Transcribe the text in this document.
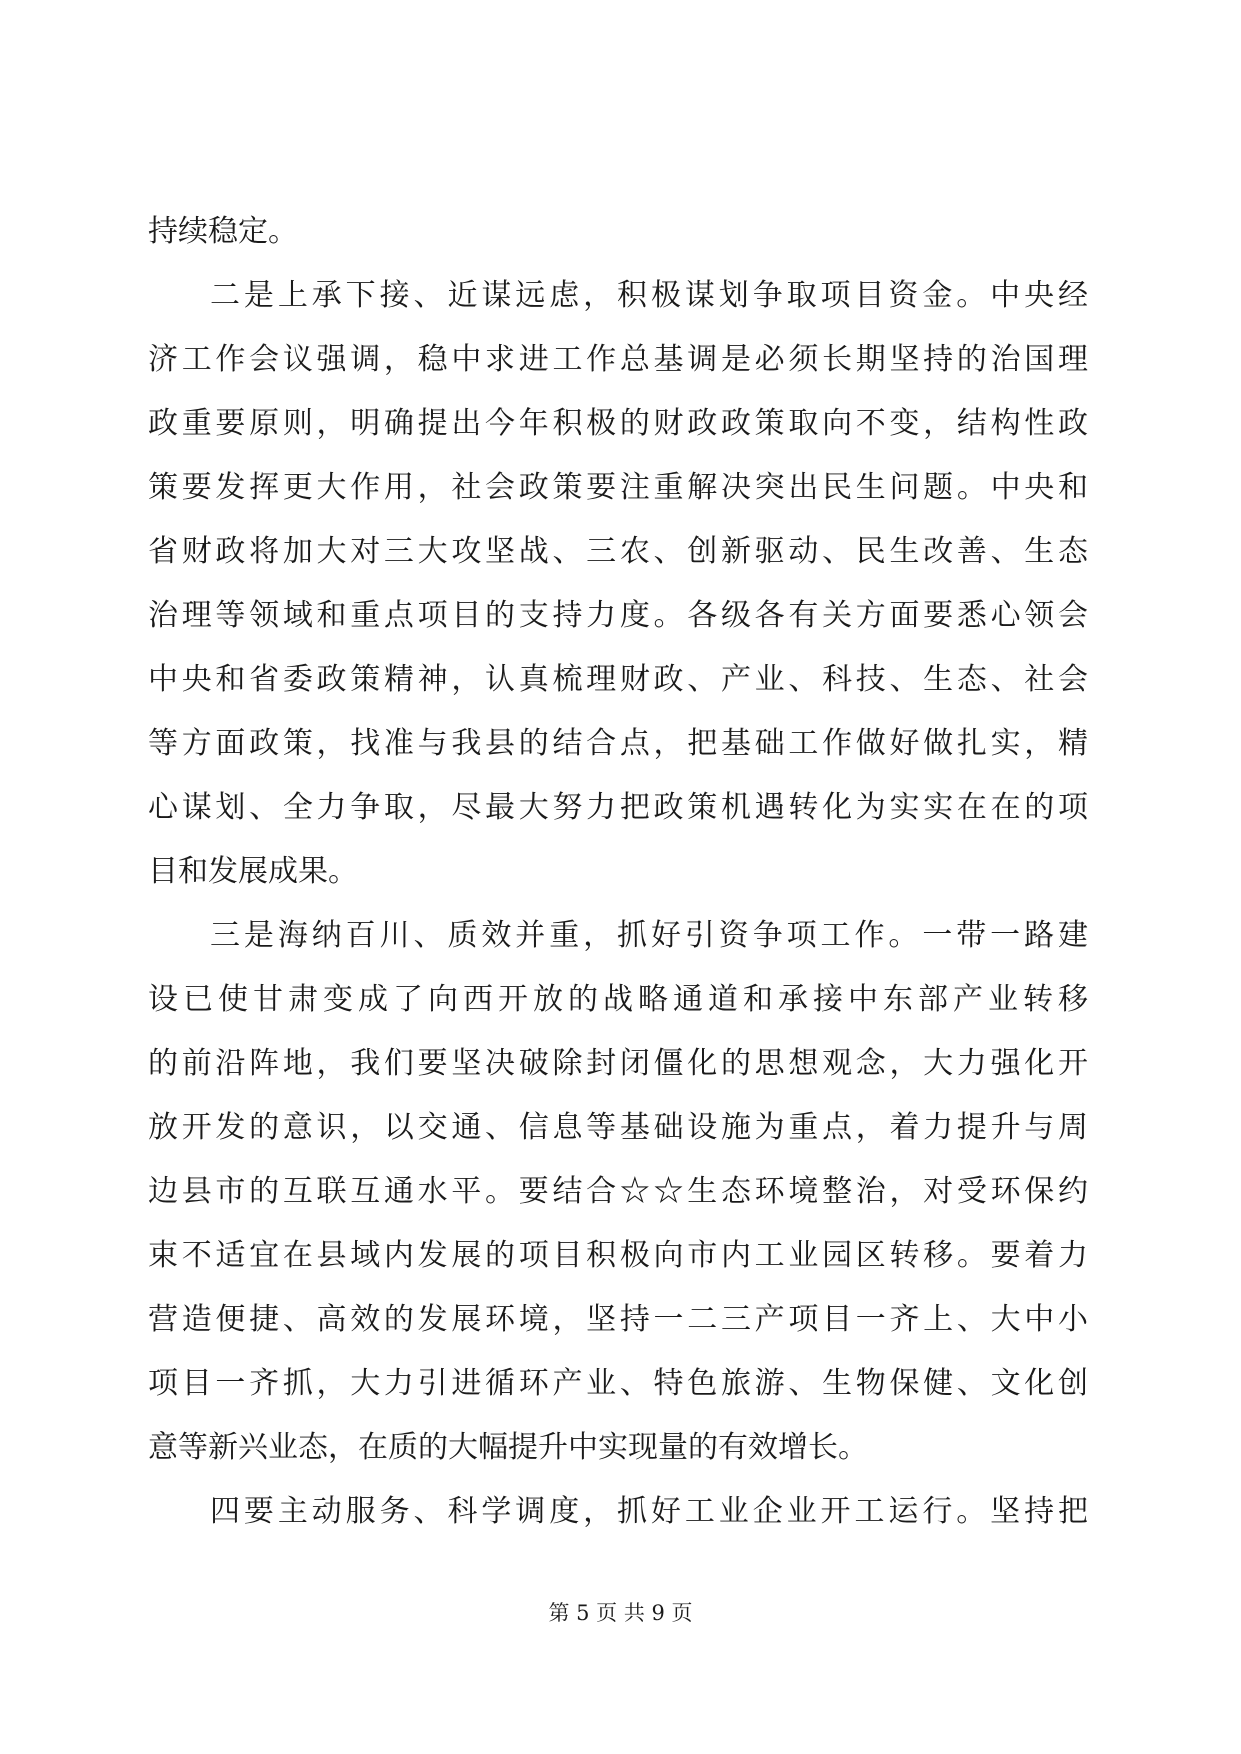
持续稳定。
二是上承下接、近谋远虑，积极谋划争取项目资金。中央经
济工作会议强调，稳中求进工作总基调是必须长期坚持的治国理
政重要原则，明确提出今年积极的财政政策取向不变，结构性政
策要发挥更大作用，社会政策要注重解决突出民生问题。中央和
省财政将加大对三大攻坚战、三农、创新驱动、民生改善、生态
治理等领域和重点项目的支持力度。各级各有关方面要悉心领会
中央和省委政策精神，认真梳理财政、产业、科技、生态、社会
等方面政策，找准与我县的结合点，把基础工作做好做扎实，精
心谋划、全力争取，尽最大努力把政策机遇转化为实实在在的项
目和发展成果。
三是海纳百川、质效并重，抓好引资争项工作。一带一路建
设已使甘肃变成了向西开放的战略通道和承接中东部产业转移
的前沿阵地，我们要坚决破除封闭僵化的思想观念，大力强化开
放开发的意识，以交通、信息等基础设施为重点，着力提升与周
边县市的互联互通水平。要结合☆☆生态环境整治，对受环保约
束不适宜在县域内发展的项目积极向市内工业园区转移。要着力
营造便捷、高效的发展环境，坚持一二三产项目一齐上、大中小
项目一齐抓，大力引进循环产业、特色旅游、生物保健、文化创
意等新兴业态，在质的大幅提升中实现量的有效增长。
四要主动服务、科学调度，抓好工业企业开工运行。坚持把
第 5 页 共 9 页
